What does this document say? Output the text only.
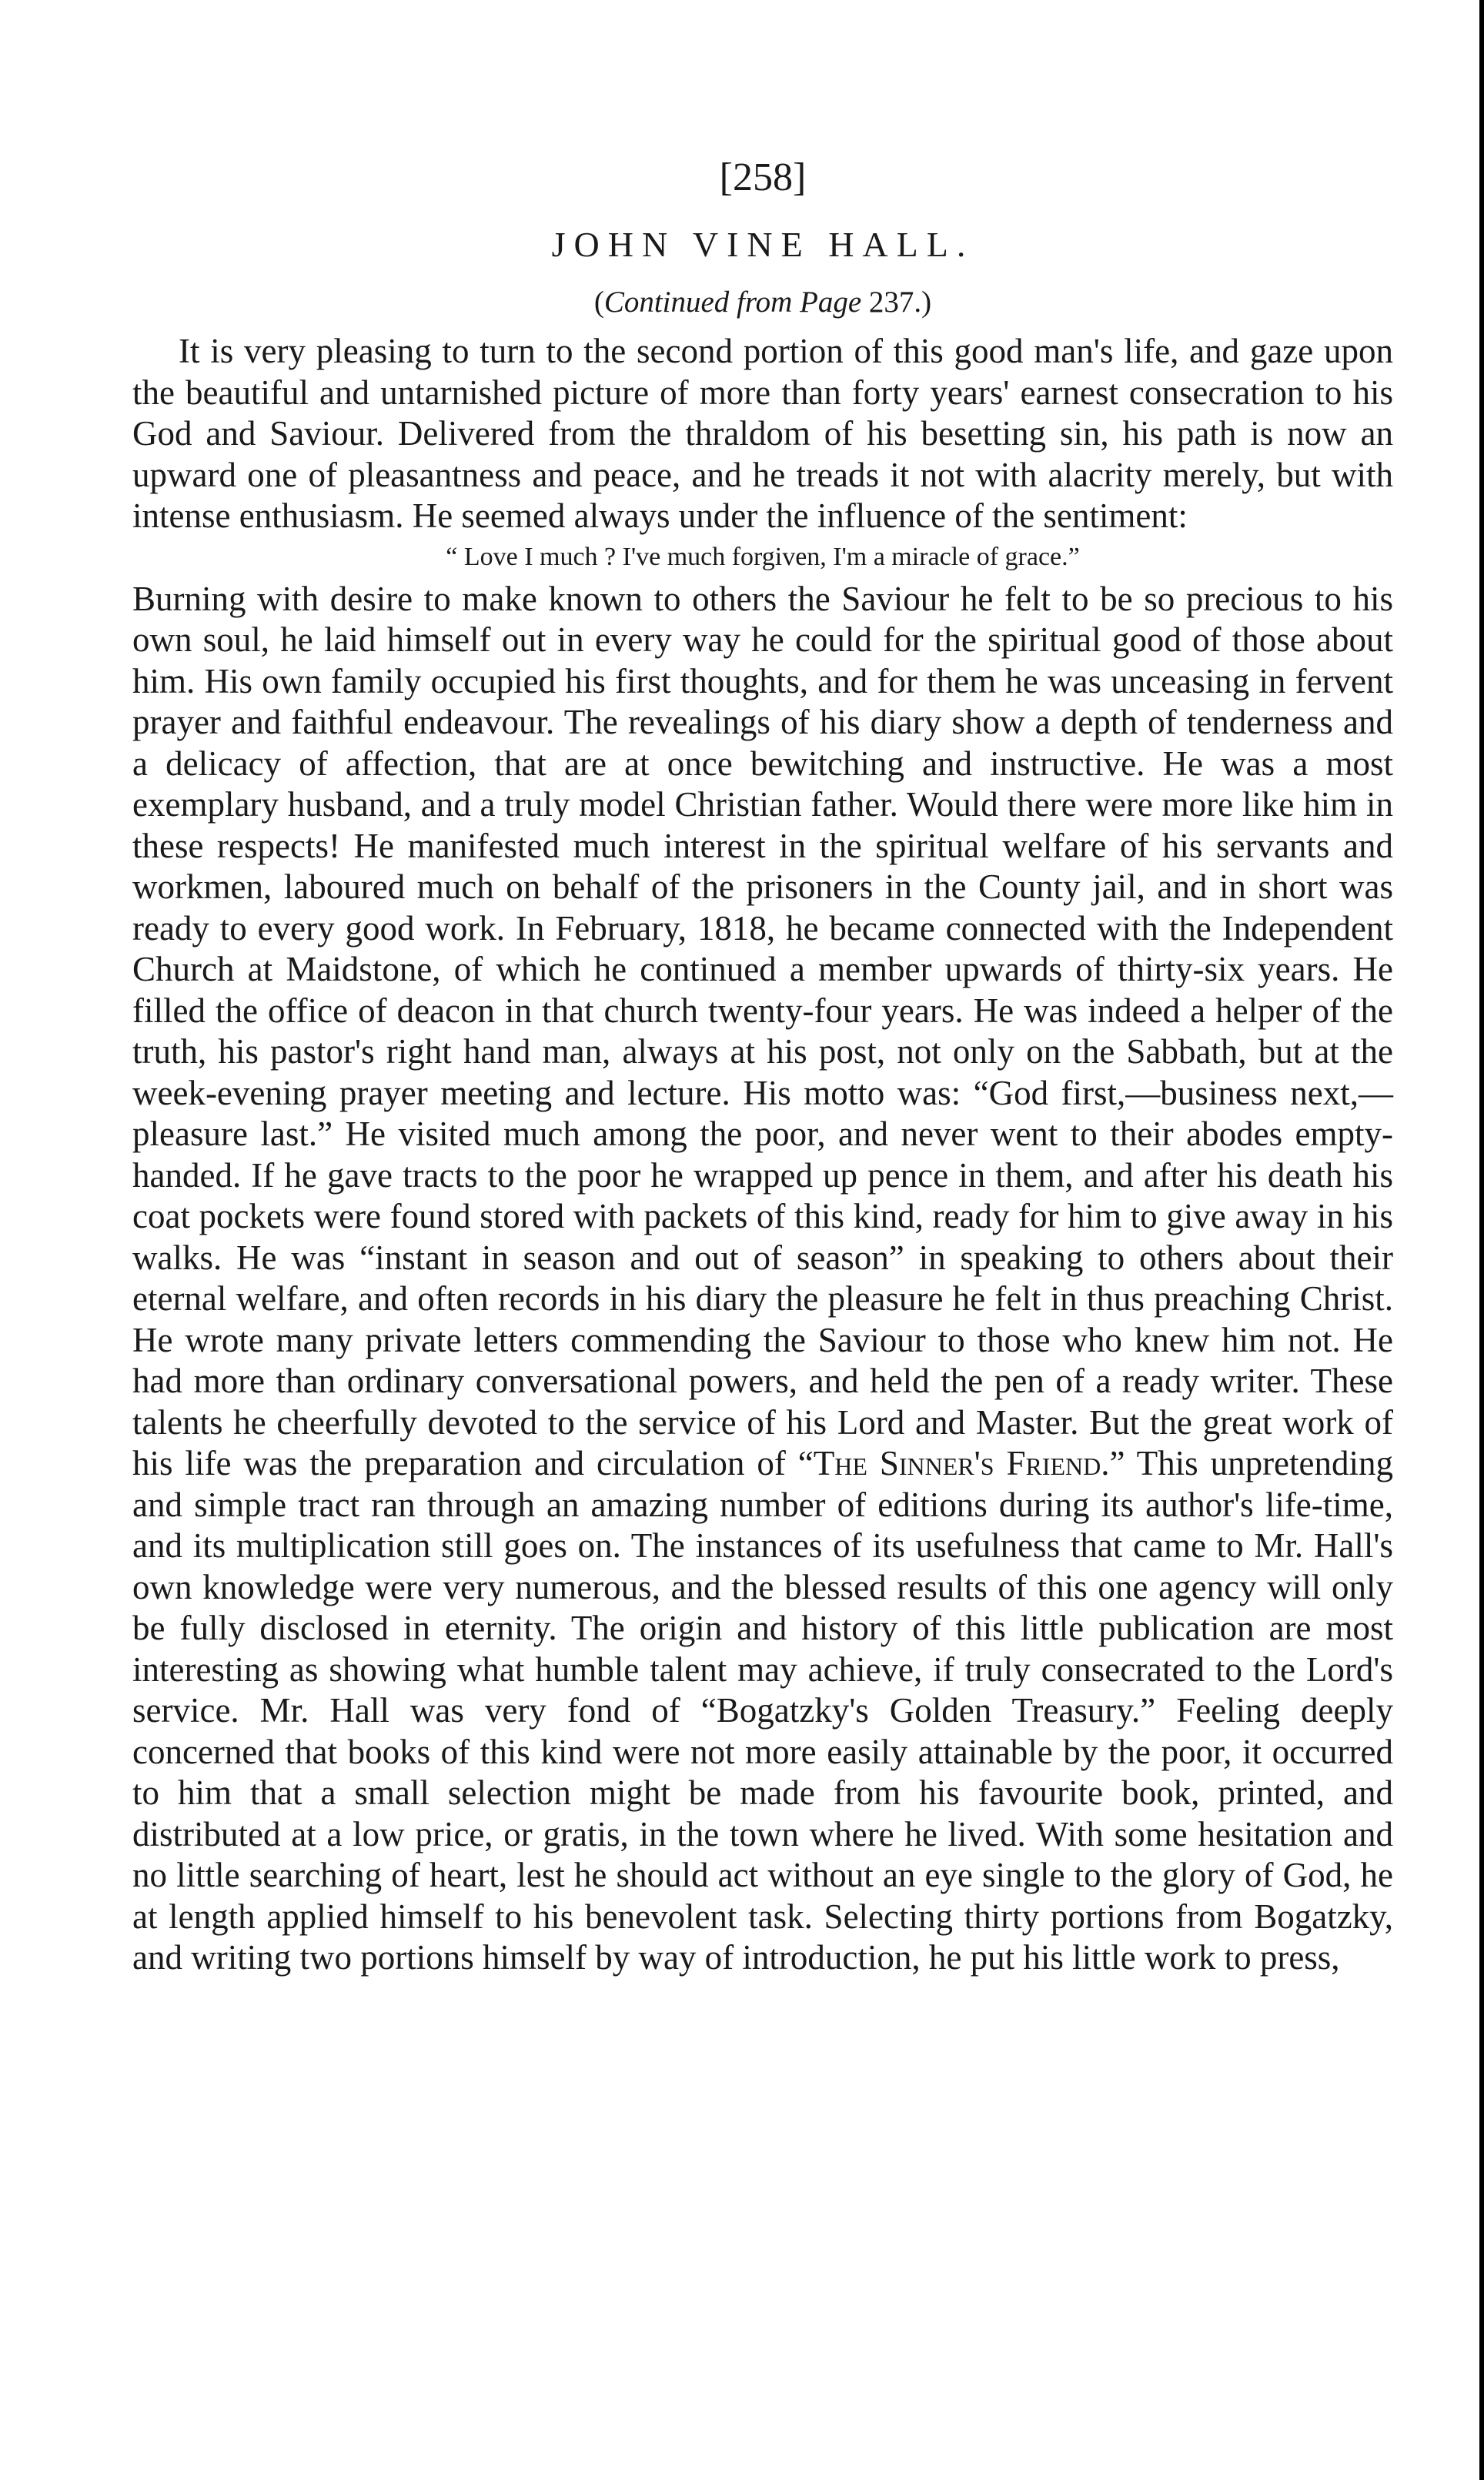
[258]
JOHN VINE HALL.
(Continued from Page 237.)

It is very pleasing to turn to the second portion of this good man's life, and gaze upon the beautiful and untarnished picture of more than forty years' earnest consecration to his God and Saviour. Delivered from the thraldom of his besetting sin, his path is now an upward one of pleasantness and peace, and he treads it not with alacrity merely, but with intense enthusiasm. He seemed always under the influence of the sentiment:

“ Love I much ? I've much forgiven, I'm a miracle of grace.”

Burning with desire to make known to others the Saviour he felt to be so precious to his own soul, he laid himself out in every way he could for the spiritual good of those about him. His own family occupied his first thoughts, and for them he was unceasing in fervent prayer and faithful endeavour. The revealings of his diary show a depth of tenderness and a delicacy of affection, that are at once bewitching and instructive. He was a most exemplary husband, and a truly model Christian father. Would there were more like him in these respects! He manifested much interest in the spiritual welfare of his servants and workmen, laboured much on behalf of the prisoners in the County jail, and in short was ready to every good work. In February, 1818, he became connected with the Independent Church at Maidstone, of which he continued a member upwards of thirty-six years. He filled the office of deacon in that church twenty-four years. He was indeed a helper of the truth, his pastor's right hand man, always at his post, not only on the Sabbath, but at the week-evening prayer meeting and lecture. His motto was: “God first,—business next,—pleasure last.” He visited much among the poor, and never went to their abodes empty-handed. If he gave tracts to the poor he wrapped up pence in them, and after his death his coat pockets were found stored with packets of this kind, ready for him to give away in his walks. He was “instant in season and out of season” in speaking to others about their eternal welfare, and often records in his diary the pleasure he felt in thus preaching Christ. He wrote many private letters commending the Saviour to those who knew him not. He had more than ordinary conversational powers, and held the pen of a ready writer. These talents he cheerfully devoted to the service of his Lord and Master. But the great work of his life was the preparation and circulation of “The Sinner's Friend.” This unpretending and simple tract ran through an amazing number of editions during its author's life-time, and its multiplication still goes on. The instances of its usefulness that came to Mr. Hall's own knowledge were very numerous, and the blessed results of this one agency will only be fully disclosed in eternity. The origin and history of this little publication are most interesting as showing what humble talent may achieve, if truly consecrated to the Lord's service. Mr. Hall was very fond of “Bogatzky's Golden Treasury.” Feeling deeply concerned that books of this kind were not more easily attainable by the poor, it occurred to him that a small selection might be made from his favourite book, printed, and distributed at a low price, or gratis, in the town where he lived. With some hesitation and no little searching of heart, lest he should act without an eye single to the glory of God, he at length applied himself to his benevolent task. Selecting thirty portions from Bogatzky, and writing two portions himself by way of introduction, he put his little work to press,
